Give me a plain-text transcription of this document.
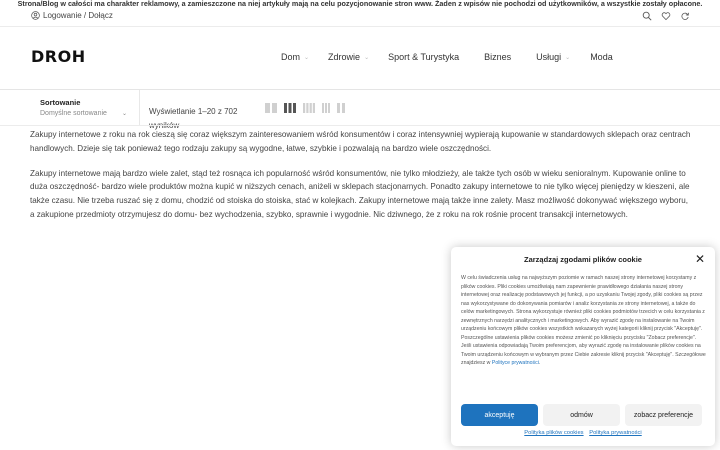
Strona/Blog w całości ma charakter reklamowy, a zamieszczone na niej artykuły mają na celu pozycjonowanie stron www. Żaden z wpisów nie pochodzi od użytkowników, a wszystkie zostały opłacone.
Logowanie / Dołącz
DROH	Dom ⌄ Zdrowie ⌄ Sport & Turystyka	Biznes	Usługi ⌄ Moda
Sortowanie
Domyślne sortowanie	⌄	Wyświetlanie 1–20 z 702

Zakupy internetowe z roku na rok cieszą się coraz większym zainteresowaniem wśród konsumentów i coraz intensywniej wypierają kupowanie w standardowych sklepach oraz centrach handlowych. Dzieje się tak ponieważ tego rodzaju zakupy są wygodne, łatwe, szybkie i pozwalają na bardzo wiele oszczędności.

Zakupy internetowe mają bardzo wiele zalet, stąd też rosnąca ich popularność wśród konsumentów, nie tylko młodzieży, ale także tych osób w wieku senioralnym. Kupowanie online to duża oszczędność- bardzo wiele produktów można kupić w niższych cenach, aniżeli w sklepach stacjonarnych. Ponadto zakupy internetowe to nie tylko więcej pieniędzy w kieszeni, ale także czasu. Nie trzeba ruszać się z domu, chodzić od stoiska do stoiska, stać w kolejkach. Zakupy internetowe mają także inne zalety. Masz możliwość dokonywać większego wyboru, a zakupione przedmioty otrzymujesz do domu- bez wychodzenia, szybko, sprawnie i wygodnie. Nic dziwnego, że z roku na rok rośnie procent transakcji internetowych.

Zarządzaj zgodami plików cookie	✕
W celu świadczenia usług na najwyższym poziomie w ramach naszej strony internetowej korzystamy z plików cookies. Pliki cookies umożliwiają nam zapewnienie prawidłowego działania naszej strony internetowej oraz realizację podstawowych jej funkcji, a po uzyskaniu Twojej zgody, pliki cookies są przez nas wykorzystywane do dokonywania pomiarów i analiz korzystania ze strony internetowej, a także do celów marketingowych. Strona wykorzystuje również pliki cookies podmiotów trzecich w celu korzystania z zewnętrznych narzędzi analitycznych i marketingowych. Aby wyrazić zgodę na instalowanie na Twoim urządzeniu końcowym plików cookies wszystkich wskazanych wyżej kategorii kliknij przycisk "Akceptuję". Poszczególne ustawienia plików cookies możesz zmienić po kliknięciu przycisku "Zobacz preferencje". Jeśli ustawienia odpowiadają Twoim preferencjom, aby wyrazić zgodę na instalowanie plików cookies na Twoim urządzeniu końcowym w wybranym przez Ciebie zakresie kliknij przycisk "Akceptuję". Szczegółowe znajdziesz w Polityce prywatności.
akceptuję	odmów	zobacz preferencje
Polityka plików cookies Polityka prywatności
